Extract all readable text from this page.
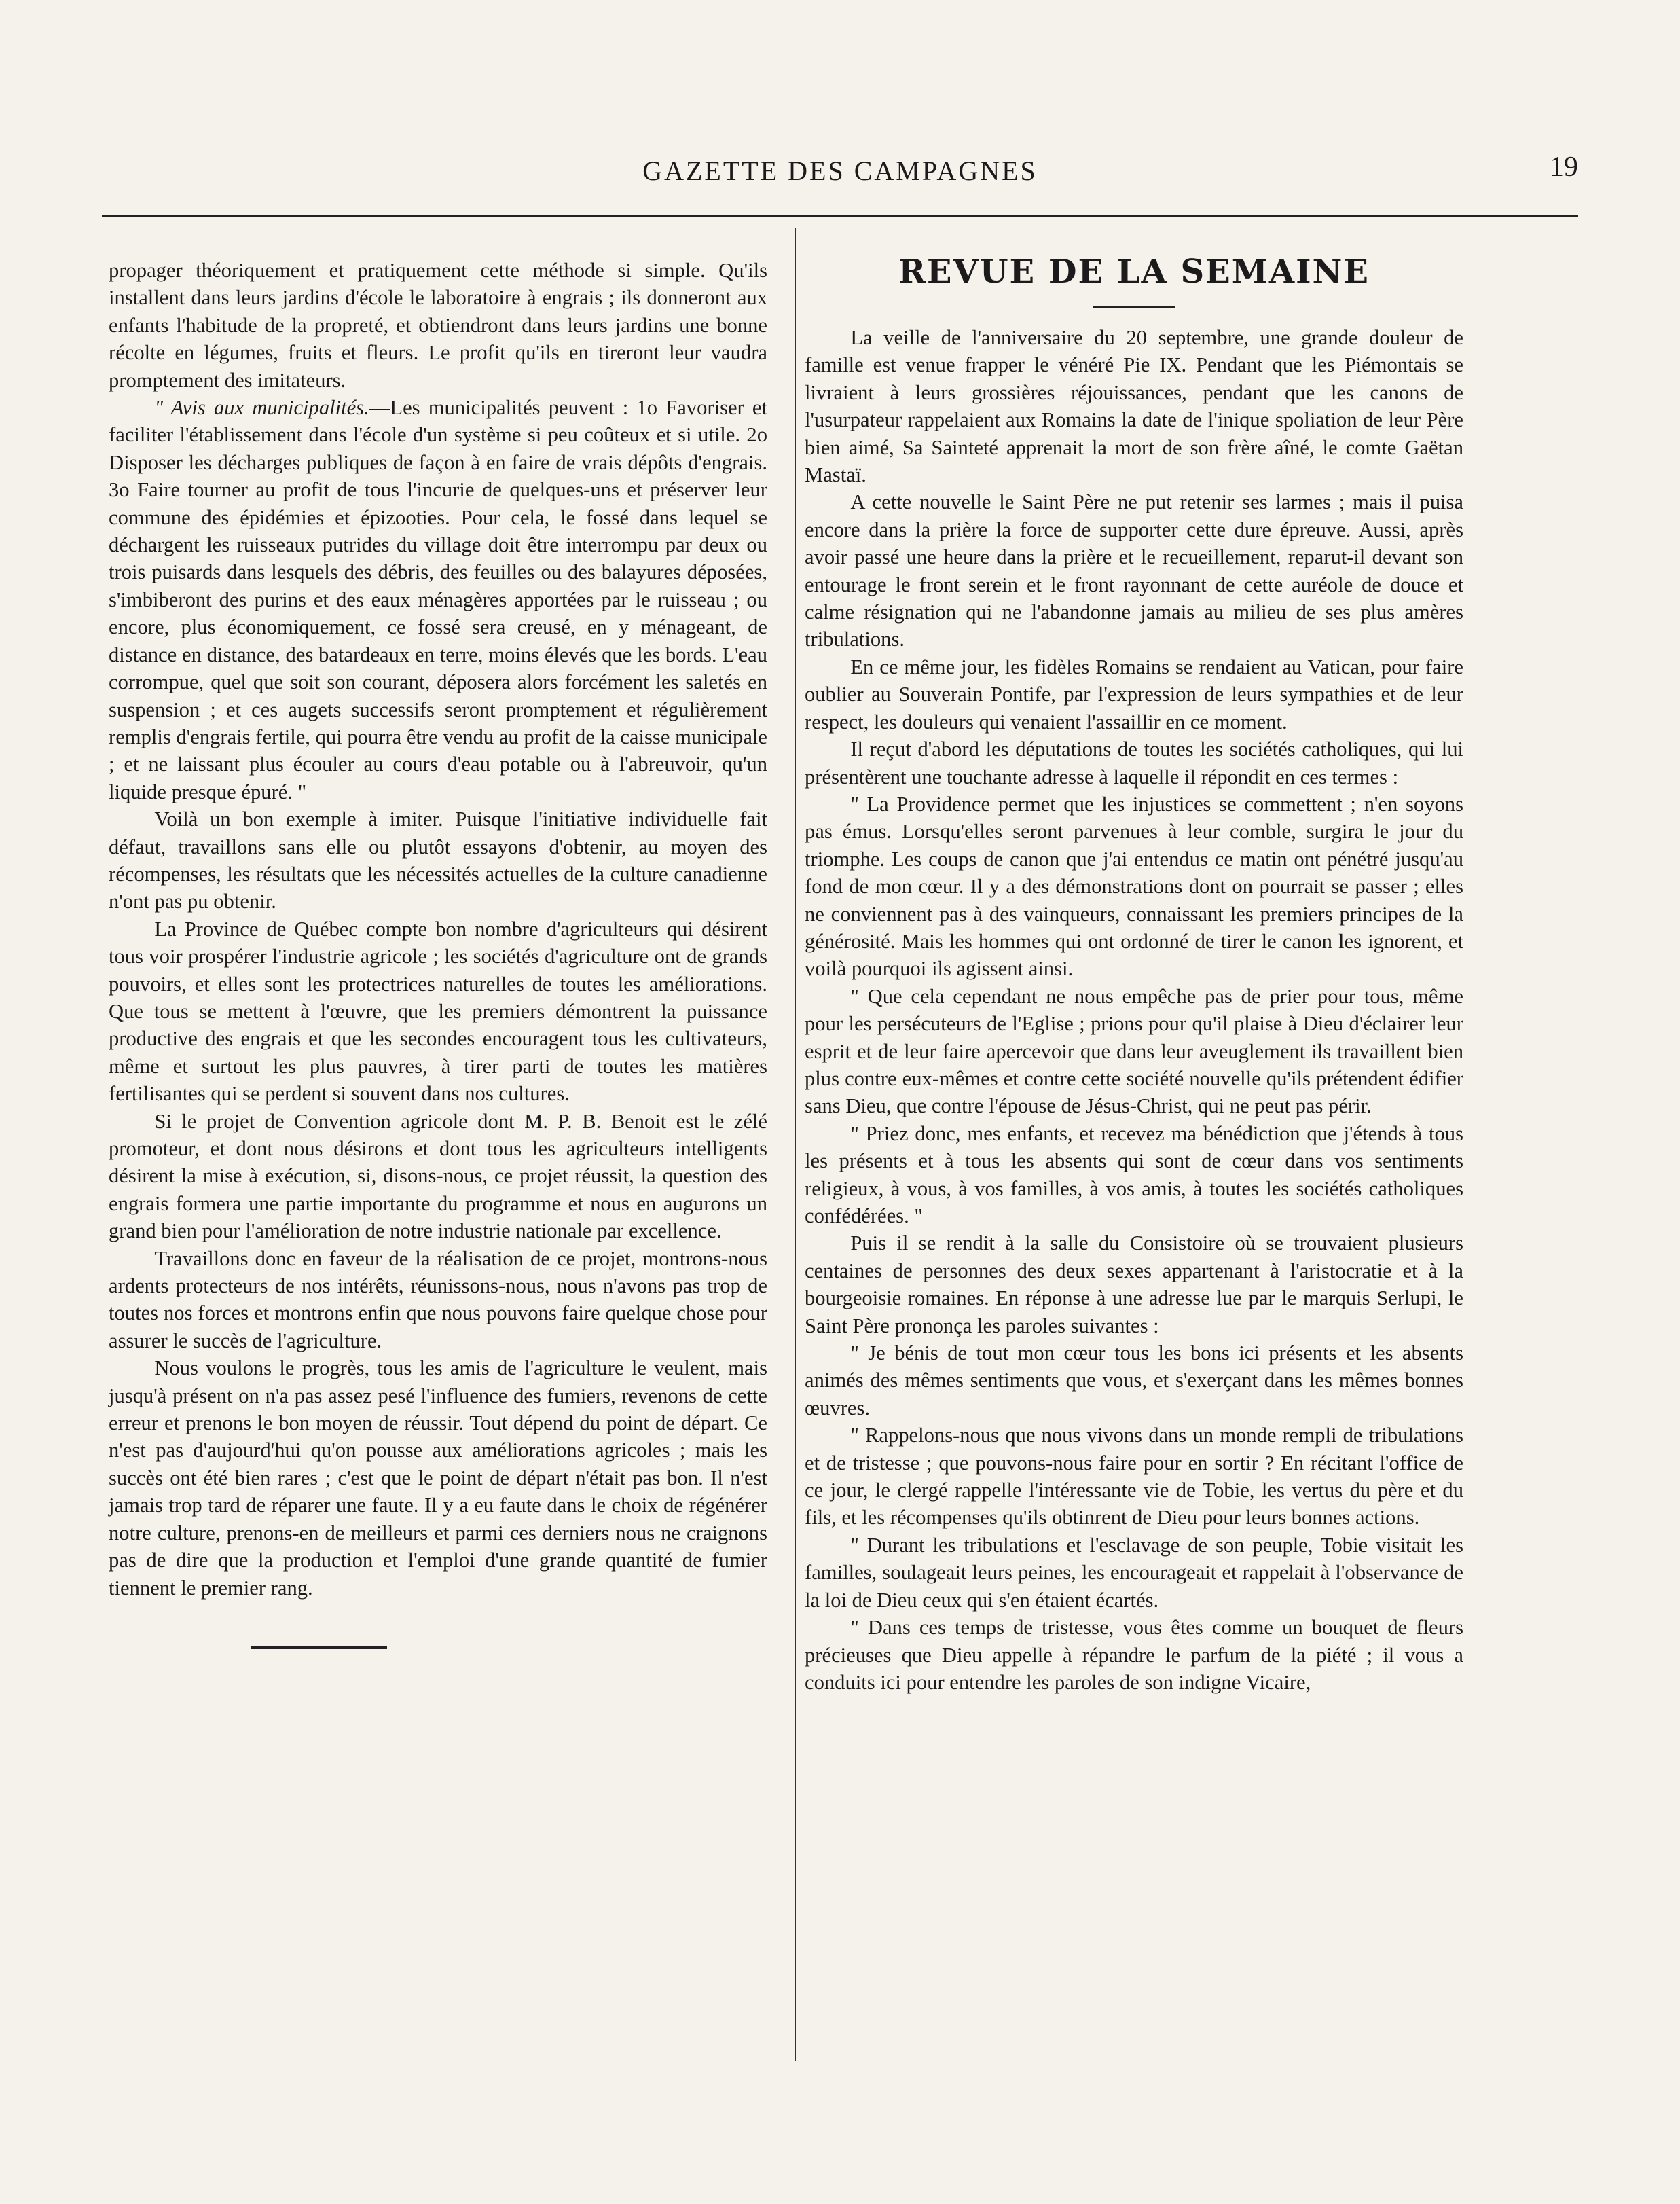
GAZETTE DES CAMPAGNES	19

propager théoriquement et pratiquement cette méthode si simple. Qu'ils installent dans leurs jardins d'école le laboratoire à engrais ; ils donneront aux enfants l'habitude de la propreté, et obtiendront dans leurs jardins une bonne récolte en légumes, fruits et fleurs. Le profit qu'ils en tireront leur vaudra promptement des imitateurs.

" Avis aux municipalités.—Les municipalités peuvent : 1o Favoriser et faciliter l'établissement dans l'école d'un système si peu coûteux et si utile. 2o Disposer les décharges publiques de façon à en faire de vrais dépôts d'engrais. 3o Faire tourner au profit de tous l'incurie de quelques-uns et préserver leur commune des épidémies et épizooties. Pour cela, le fossé dans lequel se déchargent les ruisseaux putrides du village doit être interrompu par deux ou trois puisards dans lesquels des débris, des feuilles ou des balayures déposées, s'imbiberont des purins et des eaux ménagères apportées par le ruisseau ; ou encore, plus économiquement, ce fossé sera creusé, en y ménageant, de distance en distance, des batardeaux en terre, moins élevés que les bords. L'eau corrompue, quel que soit son courant, déposera alors forcément les saletés en suspension ; et ces augets successifs seront promptement et régulièrement remplis d'engrais fertile, qui pourra être vendu au profit de la caisse municipale ; et ne laissant plus écouler au cours d'eau potable ou à l'abreuvoir, qu'un liquide presque épuré. "

Voilà un bon exemple à imiter. Puisque l'initiative individuelle fait défaut, travaillons sans elle ou plutôt essayons d'obtenir, au moyen des récompenses, les résultats que les nécessités actuelles de la culture canadienne n'ont pas pu obtenir.

La Province de Québec compte bon nombre d'agriculteurs qui désirent tous voir prospérer l'industrie agricole ; les sociétés d'agriculture ont de grands pouvoirs, et elles sont les protectrices naturelles de toutes les améliorations. Que tous se mettent à l'œuvre, que les premiers démontrent la puissance productive des engrais et que les secondes encouragent tous les cultivateurs, même et surtout les plus pauvres, à tirer parti de toutes les matières fertilisantes qui se perdent si souvent dans nos cultures.

Si le projet de Convention agricole dont M. P. B. Benoit est le zélé promoteur, et dont nous désirons et dont tous les agriculteurs intelligents désirent la mise à exécution, si, disons-nous, ce projet réussit, la question des engrais formera une partie importante du programme et nous en augurons un grand bien pour l'amélioration de notre industrie nationale par excellence.

Travaillons donc en faveur de la réalisation de ce projet, montrons-nous ardents protecteurs de nos intérêts, réunissons-nous, nous n'avons pas trop de toutes nos forces et montrons enfin que nous pouvons faire quelque chose pour assurer le succès de l'agriculture.

Nous voulons le progrès, tous les amis de l'agriculture le veulent, mais jusqu'à présent on n'a pas assez pesé l'influence des fumiers, revenons de cette erreur et prenons le bon moyen de réussir. Tout dépend du point de départ. Ce n'est pas d'aujourd'hui qu'on pousse aux améliorations agricoles ; mais les succès ont été bien rares ; c'est que le point de départ n'était pas bon. Il n'est jamais trop tard de réparer une faute. Il y a eu faute dans le choix de régénérer notre culture, prenons-en de meilleurs et parmi ces derniers nous ne craignons pas de dire que la production et l'emploi d'une grande quantité de fumier tiennent le premier rang.

REVUE DE LA SEMAINE

La veille de l'anniversaire du 20 septembre, une grande douleur de famille est venue frapper le vénéré Pie IX. Pendant que les Piémontais se livraient à leurs grossières réjouissances, pendant que les canons de l'usurpateur rappelaient aux Romains la date de l'inique spoliation de leur Père bien aimé, Sa Sainteté apprenait la mort de son frère aîné, le comte Gaëtan Mastaï.

A cette nouvelle le Saint Père ne put retenir ses larmes ; mais il puisa encore dans la prière la force de supporter cette dure épreuve. Aussi, après avoir passé une heure dans la prière et le recueillement, reparut-il devant son entourage le front serein et le front rayonnant de cette auréole de douce et calme résignation qui ne l'abandonne jamais au milieu de ses plus amères tribulations.

En ce même jour, les fidèles Romains se rendaient au Vatican, pour faire oublier au Souverain Pontife, par l'expression de leurs sympathies et de leur respect, les douleurs qui venaient l'assaillir en ce moment.

Il reçut d'abord les députations de toutes les sociétés catholiques, qui lui présentèrent une touchante adresse à laquelle il répondit en ces termes :

" La Providence permet que les injustices se commettent ; n'en soyons pas émus. Lorsqu'elles seront parvenues à leur comble, surgira le jour du triomphe. Les coups de canon que j'ai entendus ce matin ont pénétré jusqu'au fond de mon cœur. Il y a des démonstrations dont on pourrait se passer ; elles ne conviennent pas à des vainqueurs, connaissant les premiers principes de la générosité. Mais les hommes qui ont ordonné de tirer le canon les ignorent, et voilà pourquoi ils agissent ainsi.

" Que cela cependant ne nous empêche pas de prier pour tous, même pour les persécuteurs de l'Eglise ; prions pour qu'il plaise à Dieu d'éclairer leur esprit et de leur faire apercevoir que dans leur aveuglement ils travaillent bien plus contre eux-mêmes et contre cette société nouvelle qu'ils prétendent édifier sans Dieu, que contre l'épouse de Jésus-Christ, qui ne peut pas périr.

" Priez donc, mes enfants, et recevez ma bénédiction que j'étends à tous les présents et à tous les absents qui sont de cœur dans vos sentiments religieux, à vous, à vos familles, à vos amis, à toutes les sociétés catholiques confédérées. "

Puis il se rendit à la salle du Consistoire où se trouvaient plusieurs centaines de personnes des deux sexes appartenant à l'aristocratie et à la bourgeoisie romaines. En réponse à une adresse lue par le marquis Serlupi, le Saint Père prononça les paroles suivantes :

" Je bénis de tout mon cœur tous les bons ici présents et les absents animés des mêmes sentiments que vous, et s'exerçant dans les mêmes bonnes œuvres.

" Rappelons-nous que nous vivons dans un monde rempli de tribulations et de tristesse ; que pouvons-nous faire pour en sortir ? En récitant l'office de ce jour, le clergé rappelle l'intéressante vie de Tobie, les vertus du père et du fils, et les récompenses qu'ils obtinrent de Dieu pour leurs bonnes actions.

" Durant les tribulations et l'esclavage de son peuple, Tobie visitait les familles, soulageait leurs peines, les encourageait et rappelait à l'observance de la loi de Dieu ceux qui s'en étaient écartés.

" Dans ces temps de tristesse, vous êtes comme un bouquet de fleurs précieuses que Dieu appelle à répandre le parfum de la piété ; il vous a conduits ici pour entendre les paroles de son indigne Vicaire,
